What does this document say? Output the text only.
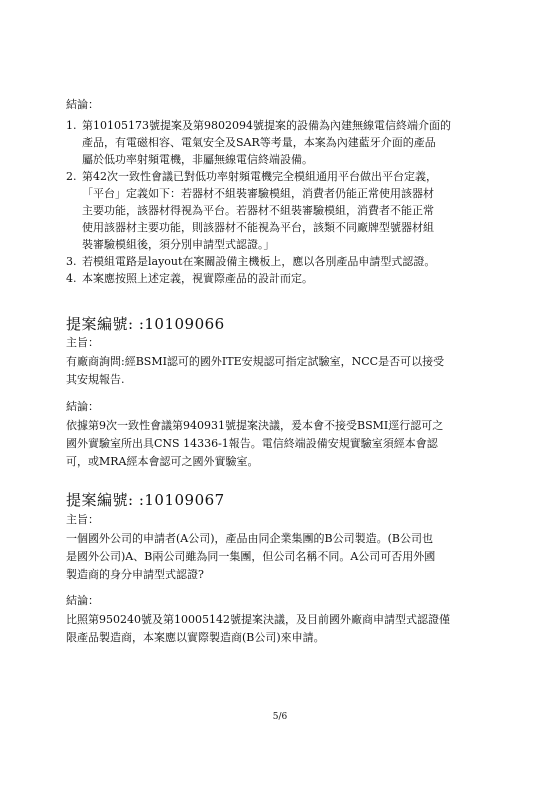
結論：
1. 第10105173號提案及第9802094號提案的設備為內建無線電信終端介面的
產品，有電磁相容、電氣安全及SAR等考量，本案為內建藍牙介面的產品
屬於低功率射頻電機，非屬無線電信終端設備。
2. 第42次一致性會議已對低功率射頻電機完全模組通用平台做出平台定義，
「平台」定義如下：若器材不組裝審驗模組，消費者仍能正常使用該器材
主要功能，該器材得視為平台。若器材不組裝審驗模組，消費者不能正常
使用該器材主要功能，則該器材不能視為平台，該類不同廠牌型號器材組
裝審驗模組後，須分別申請型式認證。」
3. 若模組電路是layout在案關設備主機板上，應以各別產品申請型式認證。
4. 本案應按照上述定義，視實際產品的設計而定。
提案編號: :10109066
主旨：
有廠商詢問:經BSMI認可的國外ITE安規認可指定試驗室，NCC是否可以接受
其安規報告.
結論：
依據第9次一致性會議第940931號提案決議，爰本會不接受BSMI逕行認可之
國外實驗室所出具CNS 14336-1報告。電信終端設備安規實驗室須經本會認
可，或MRA經本會認可之國外實驗室。
提案編號: :10109067
主旨：
一個國外公司的申請者(A公司)，產品由同企業集團的B公司製造。(B公司也
是國外公司)A、B兩公司雖為同一集團，但公司名稱不同。A公司可否用外國
製造商的身分申請型式認證?
結論：
比照第950240號及第10005142號提案決議，及目前國外廠商申請型式認證僅
限產品製造商，本案應以實際製造商(B公司)來申請。
5/6
